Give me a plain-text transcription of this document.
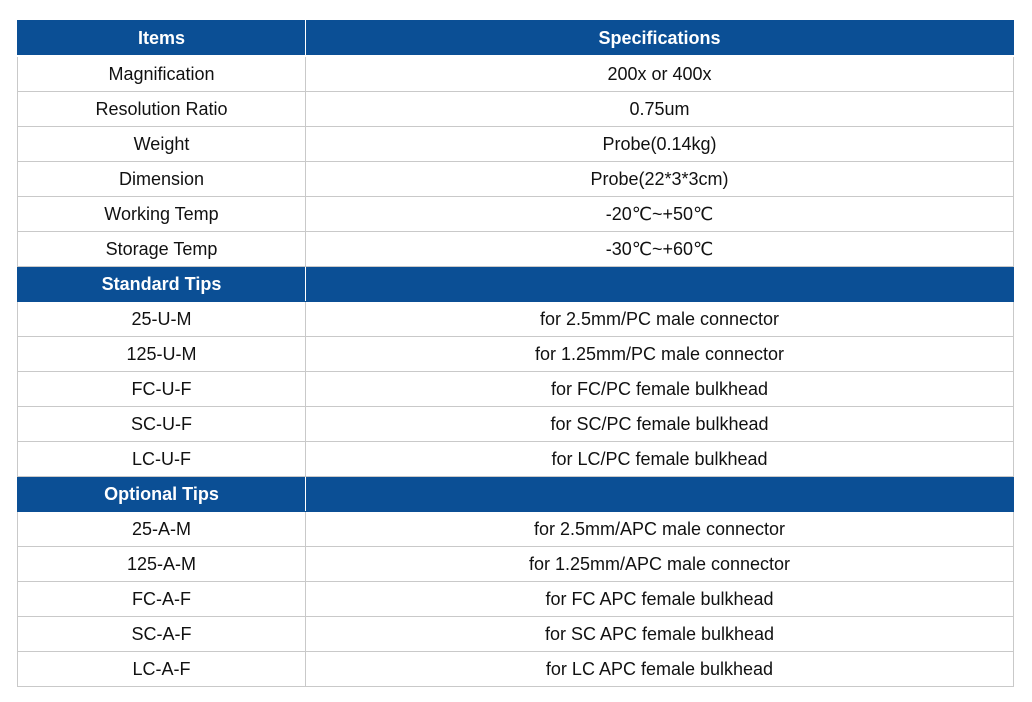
Items	Specifications
Magnification	200x or 400x
Resolution Ratio	0.75um
Weight	Probe(0.14kg)
Dimension	Probe(22*3*3cm)
Working Temp	-20℃~+50℃
Storage Temp	-30℃~+60℃
Standard Tips	
25-U-M	for 2.5mm/PC male connector
125-U-M	for 1.25mm/PC male connector
FC-U-F	for FC/PC female bulkhead
SC-U-F	for SC/PC female bulkhead
LC-U-F	for LC/PC female bulkhead
Optional Tips	
25-A-M	for 2.5mm/APC male connector
125-A-M	for 1.25mm/APC male connector
FC-A-F	for FC APC female bulkhead
SC-A-F	for SC APC female bulkhead
LC-A-F	for LC APC female bulkhead
